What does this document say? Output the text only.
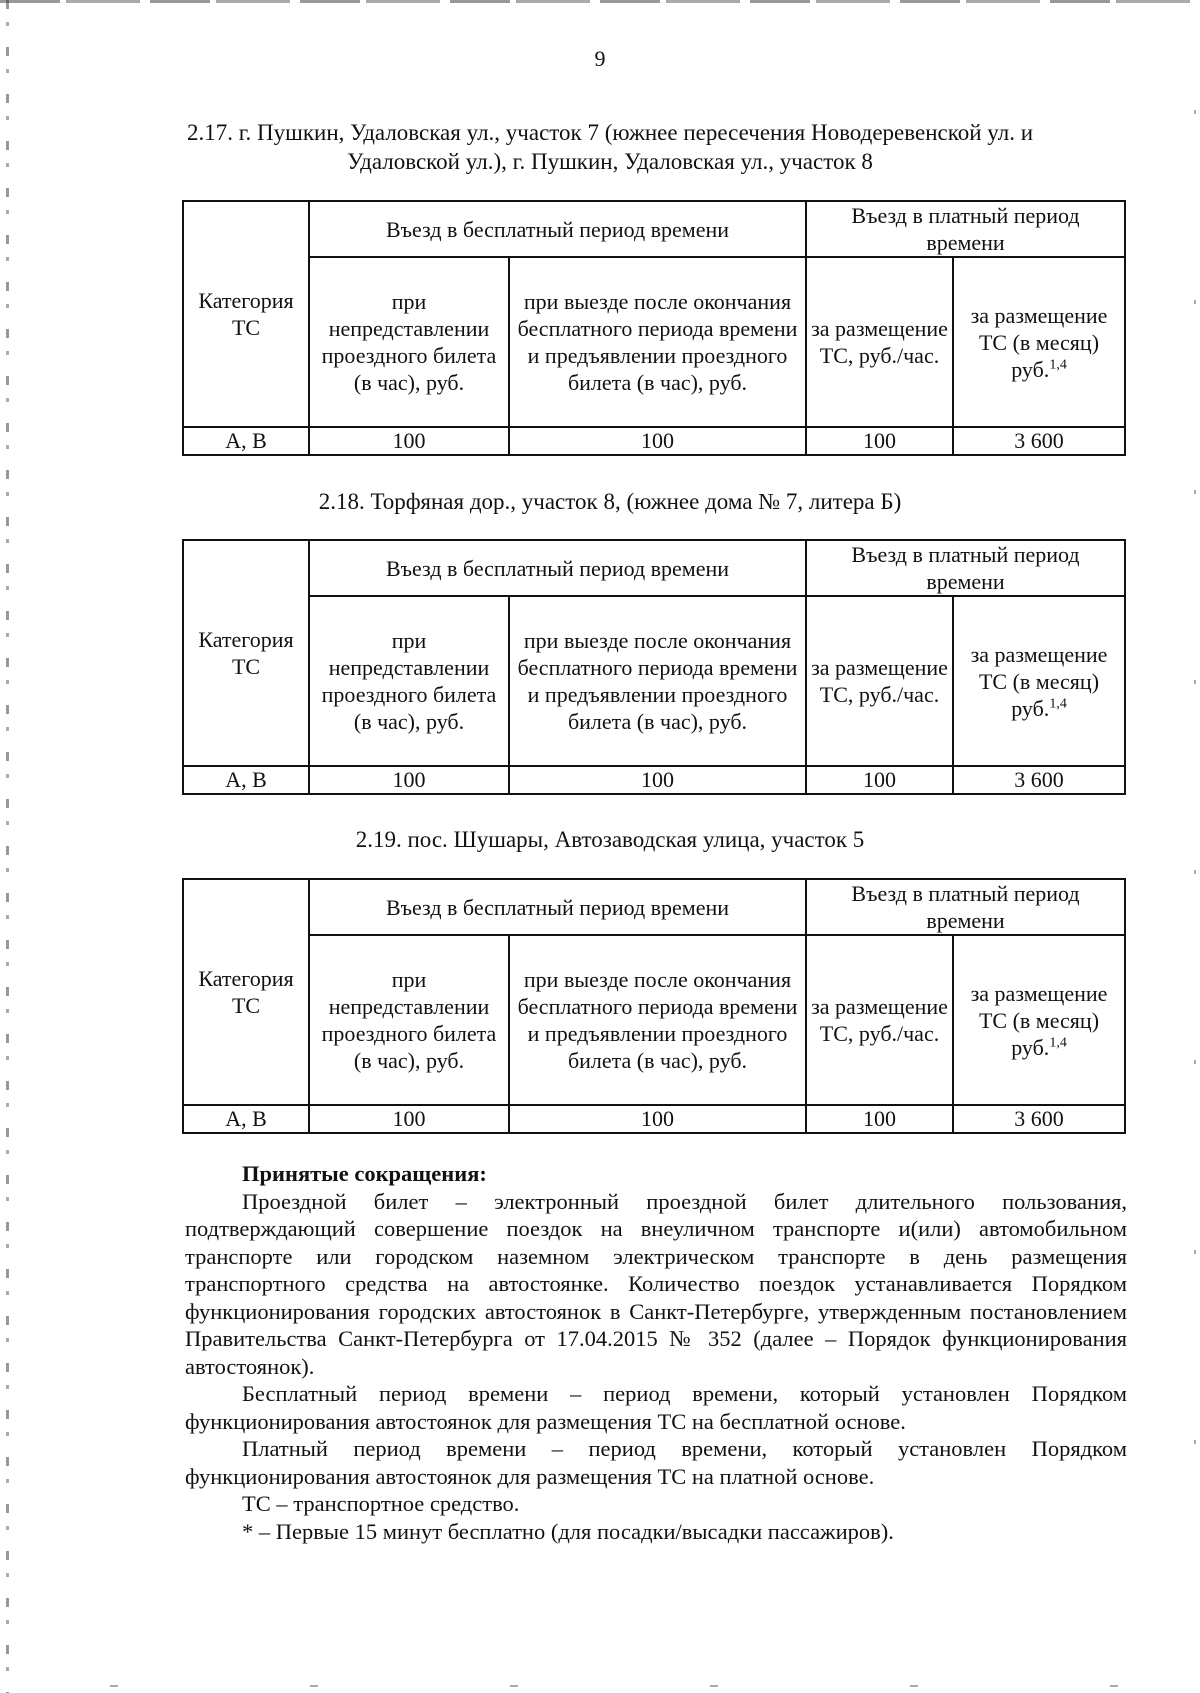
9
2.17. г. Пушкин, Удаловская ул., участок 7 (южнее пересечения Новодеревенской ул. и
Удаловской ул.), г. Пушкин, Удаловская ул., участок 8
Категория ТС	Въезд в бесплатный период времени		Въезд в платный период времени	
	при непредставлении проездного билета (в час), руб.	при выезде после окончания бесплатного периода времени и предъявлении проездного билета (в час), руб.	за размещение ТС, руб./час.	за размещение ТС (в месяц) руб.$^{1,4}$
А, В	100	100	100	3 600
2.18. Торфяная дор., участок 8, (южнее дома № 7, литера Б)
Категория ТС	Въезд в бесплатный период времени		Въезд в платный период времени	
	при непредставлении проездного билета (в час), руб.	при выезде после окончания бесплатного периода времени и предъявлении проездного билета (в час), руб.	за размещение ТС, руб./час.	за размещение ТС (в месяц) руб.$^{1,4}$
А, В	100	100	100	3 600
2.19. пос. Шушары, Автозаводская улица, участок 5
Категория ТС	Въезд в бесплатный период времени		Въезд в платный период времени	
	при непредставлении проездного билета (в час), руб.	при выезде после окончания бесплатного периода времени и предъявлении проездного билета (в час), руб.	за размещение ТС, руб./час.	за размещение ТС (в месяц) руб.$^{1,4}$
А, В	100	100	100	3 600

Принятые сокращения:

Проездной билет – электронный проездной билет длительного пользования, подтверждающий совершение поездок на внеуличном транспорте и(или) автомобильном транспорте или городском наземном электрическом транспорте в день размещения транспортного средства на автостоянке. Количество поездок устанавливается Порядком функционирования городских автостоянок в Санкт-Петербурге, утвержденным постановлением Правительства Санкт-Петербурга от 17.04.2015 № 352 (далее – Порядок функционирования автостоянок).

Бесплатный период времени – период времени, который установлен Порядком функционирования автостоянок для размещения ТС на бесплатной основе.

Платный период времени – период времени, который установлен Порядком функционирования автостоянок для размещения ТС на платной основе.

ТС – транспортное средство.

* – Первые 15 минут бесплатно (для посадки/высадки пассажиров).
